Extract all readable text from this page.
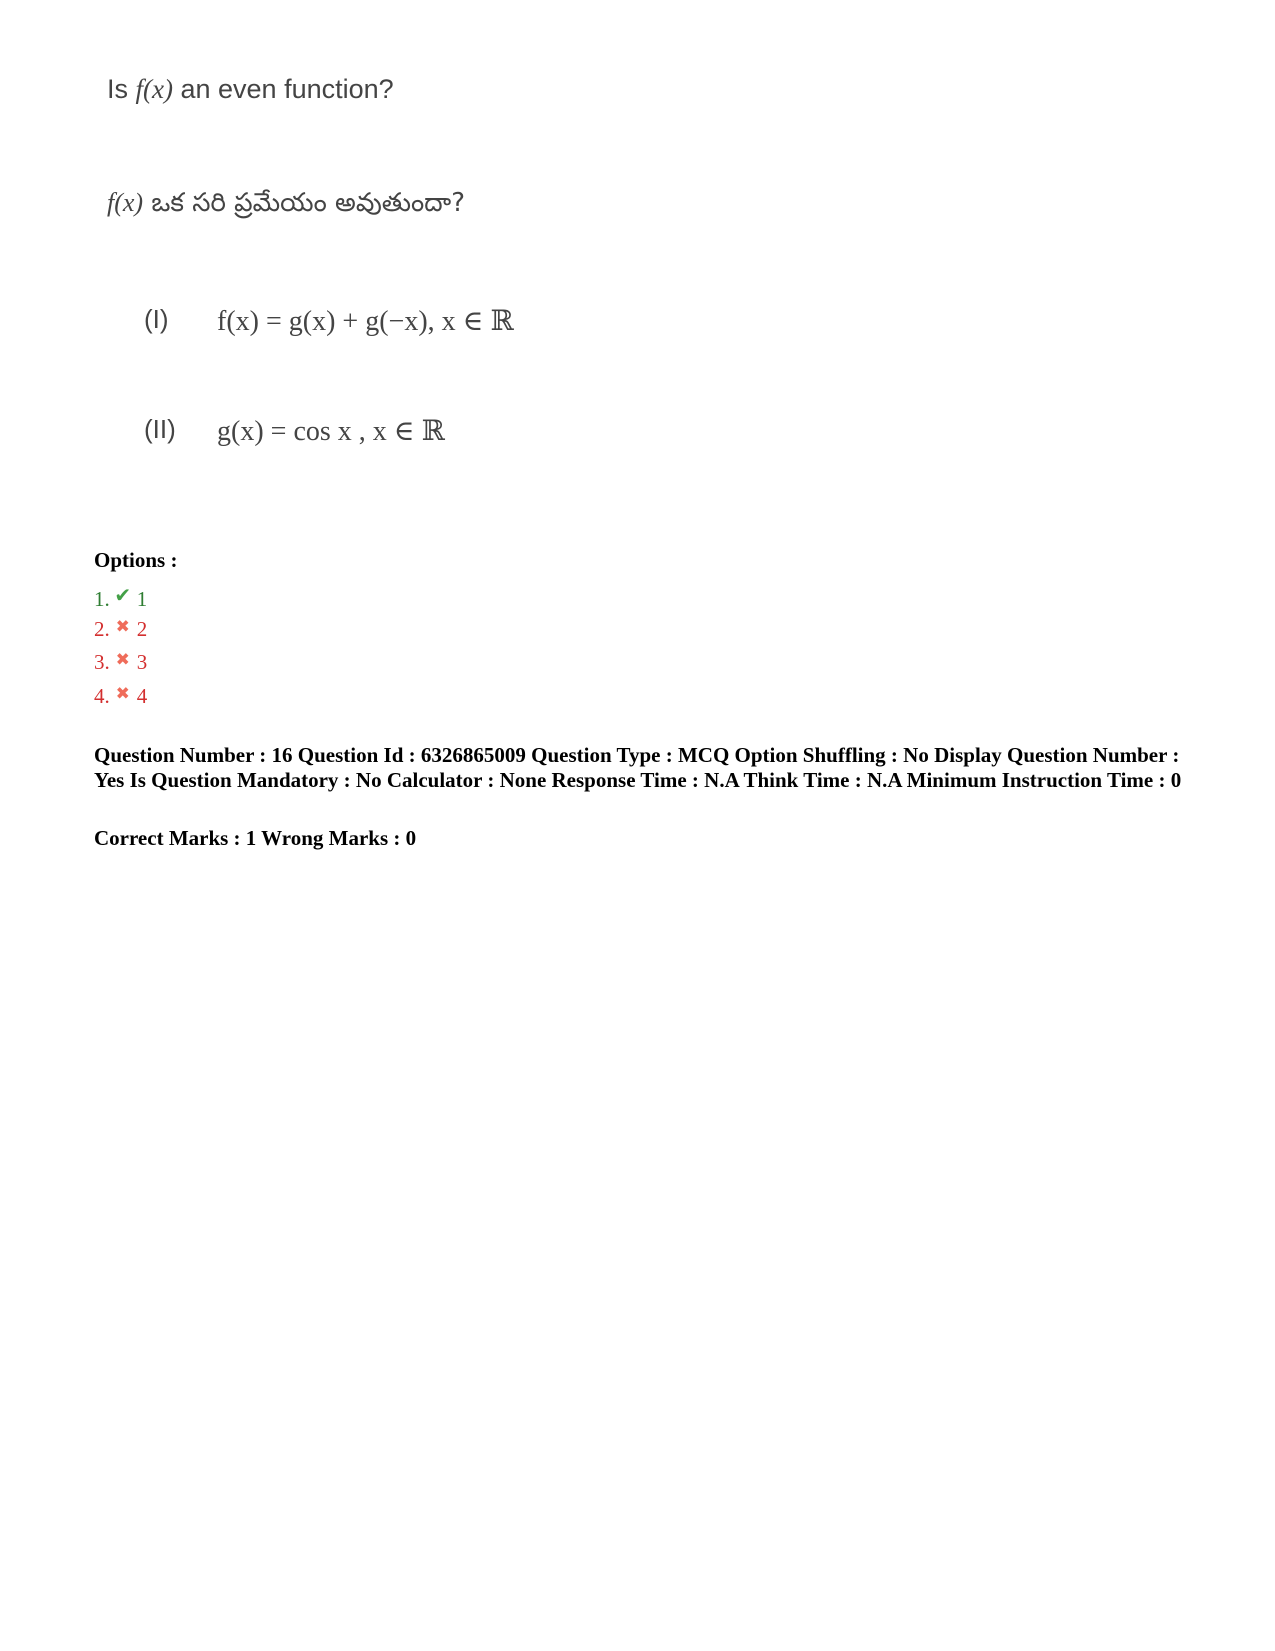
Is f(x) an even function?
f(x) ఒక సరి ప్రమేయం అవుతుందా?
(I) f(x) = g(x) + g(−x), x ∈ ℝ
(II) g(x) = cos x , x ∈ ℝ
Options :
1. ✔ 1
2. ✖ 2
3. ✖ 3
4. ✖ 4
Question Number : 16 Question Id : 6326865009 Question Type : MCQ Option Shuffling : No Display Question Number : Yes Is Question Mandatory : No Calculator : None Response Time : N.A Think Time : N.A Minimum Instruction Time : 0
Correct Marks : 1 Wrong Marks : 0
